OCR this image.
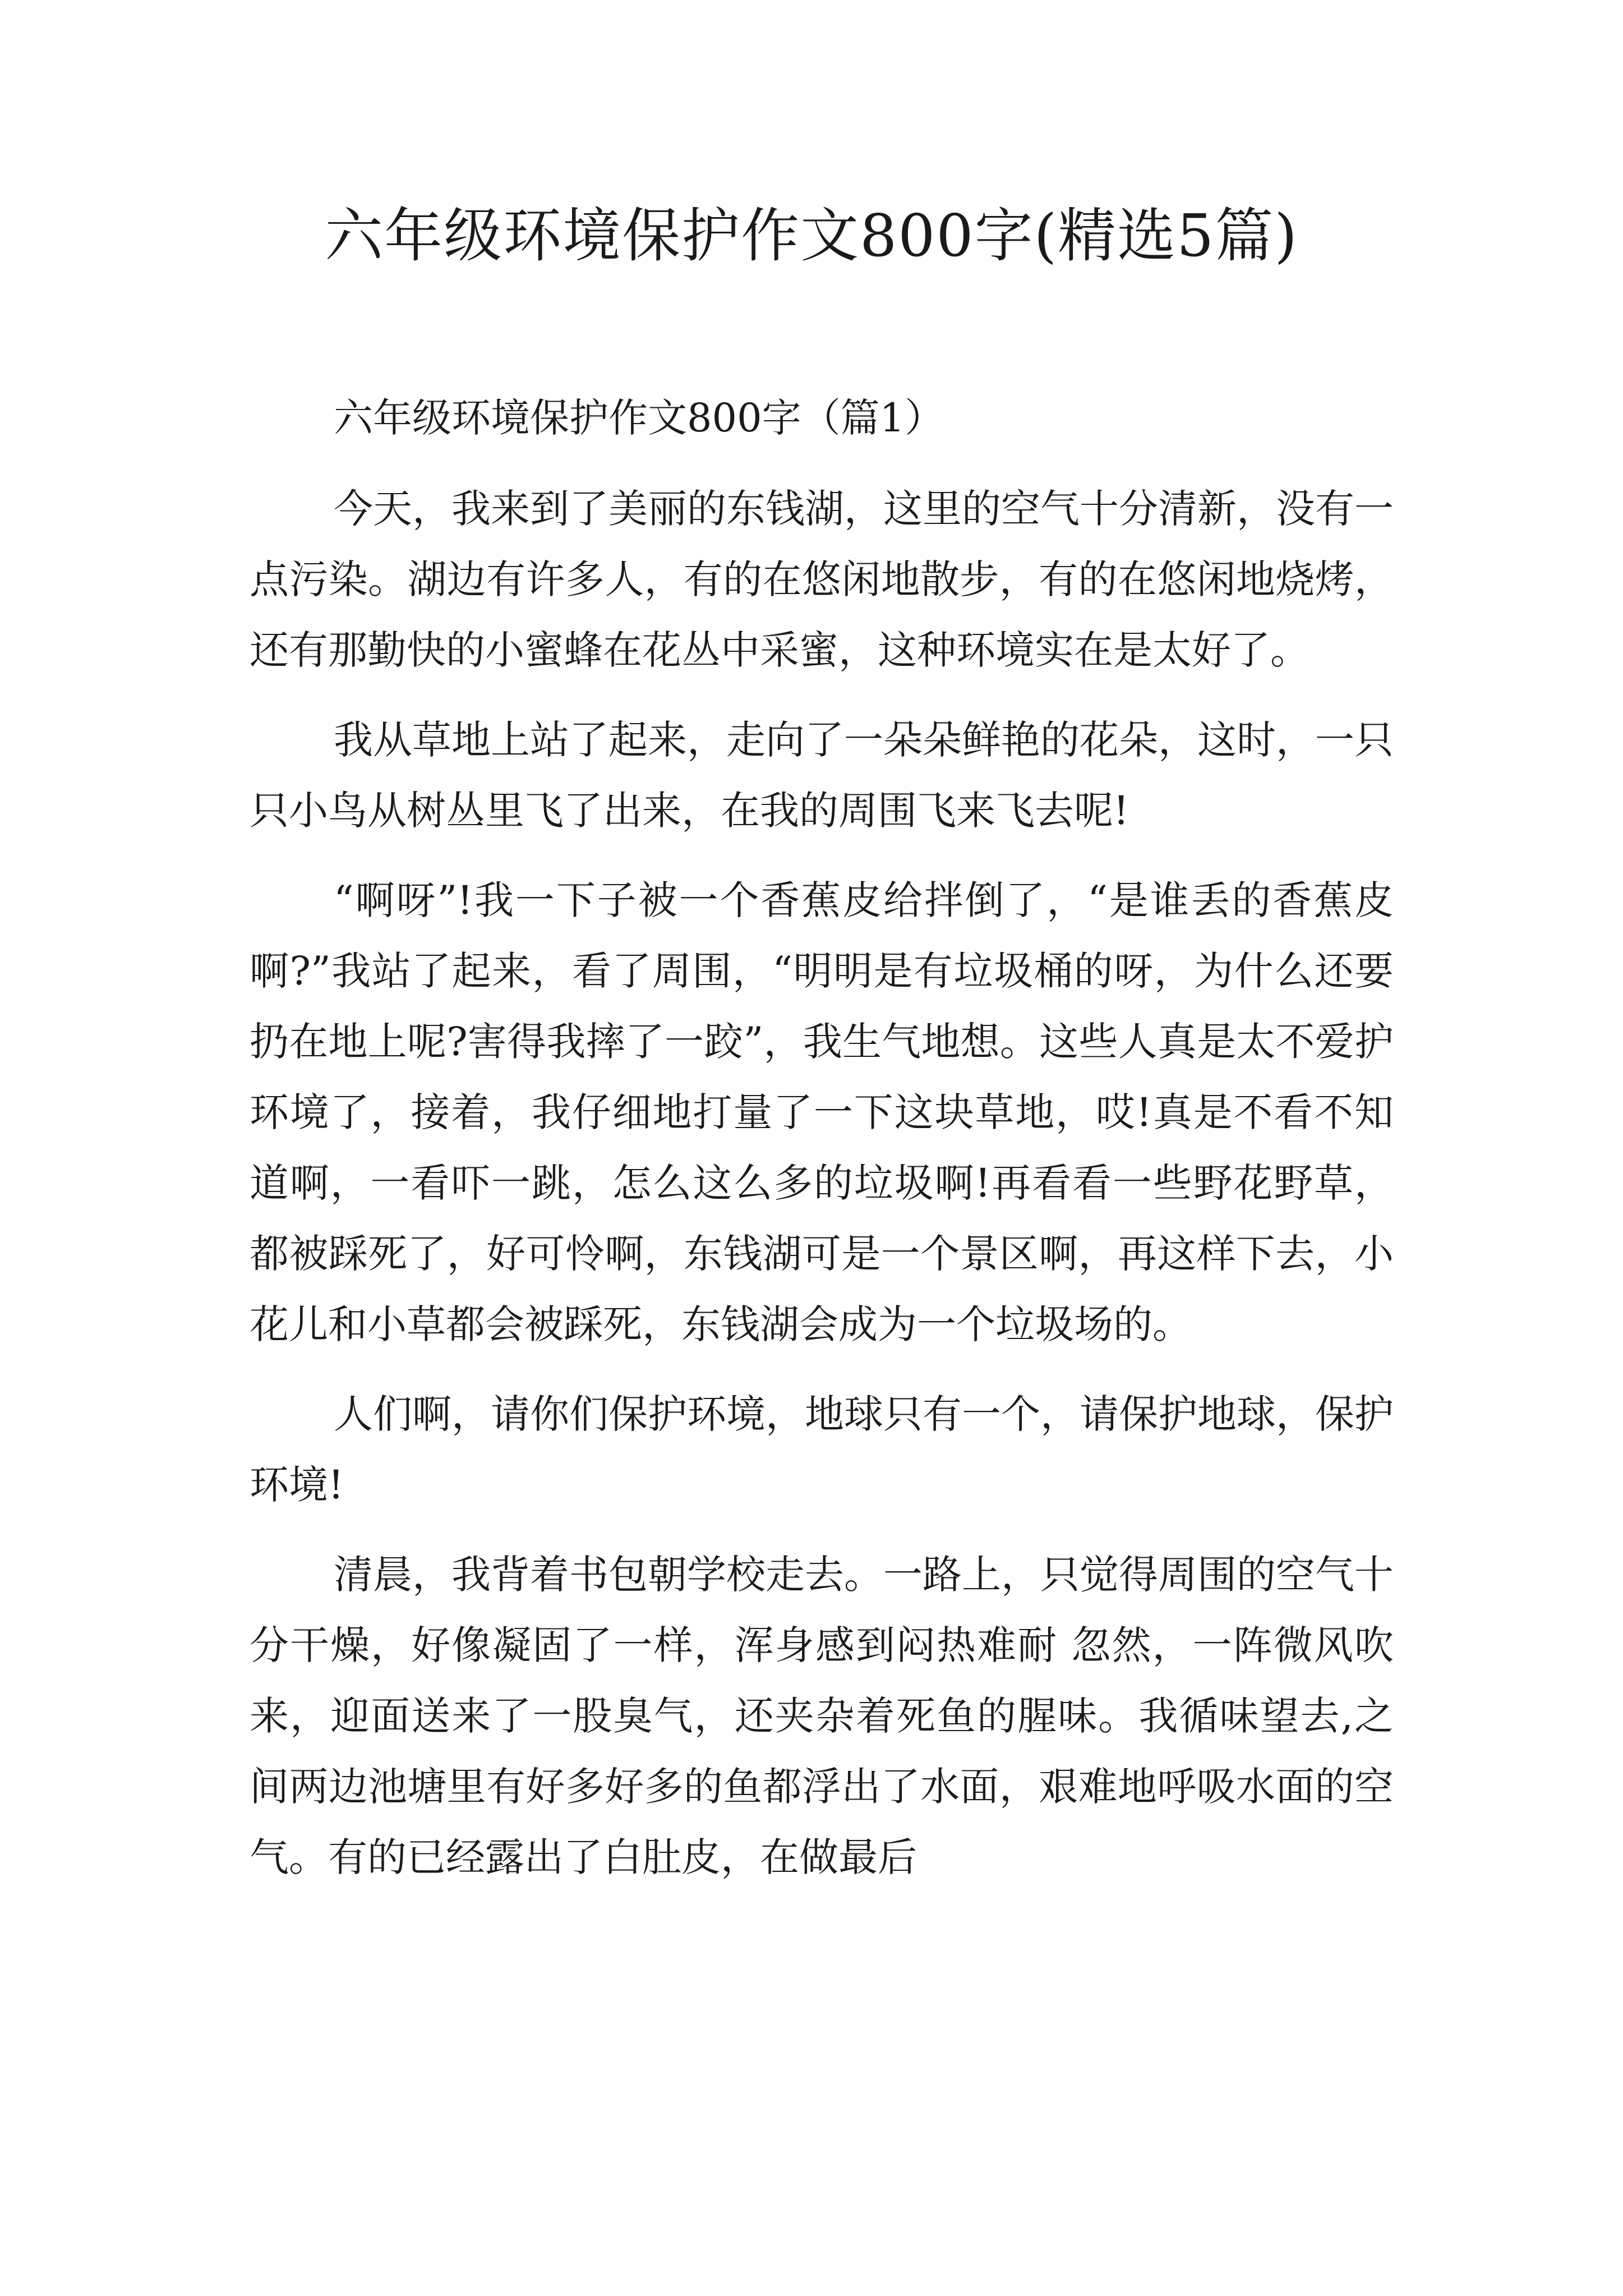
六年级环境保护作文800字(精选5篇)

六年级环境保护作文800字（篇1）

今天，我来到了美丽的东钱湖，这里的空气十分清新，没有一点污染。湖边有许多人，有的在悠闲地散步，有的在悠闲地烧烤，还有那勤快的小蜜蜂在花丛中采蜜，这种环境实在是太好了。

我从草地上站了起来，走向了一朵朵鲜艳的花朵，这时，一只只小鸟从树丛里飞了出来，在我的周围飞来飞去呢!

“啊呀”!我一下子被一个香蕉皮给拌倒了，“是谁丢的香蕉皮啊?”我站了起来，看了周围，“明明是有垃圾桶的呀，为什么还要扔在地上呢?害得我摔了一跤”，我生气地想。这些人真是太不爱护环境了，接着，我仔细地打量了一下这块草地，哎!真是不看不知道啊，一看吓一跳，怎么这么多的垃圾啊!再看看一些野花野草，都被踩死了，好可怜啊，东钱湖可是一个景区啊，再这样下去，小花儿和小草都会被踩死，东钱湖会成为一个垃圾场的。

人们啊，请你们保护环境，地球只有一个，请保护地球，保护环境!

清晨，我背着书包朝学校走去。一路上，只觉得周围的空气十分干燥，好像凝固了一样，浑身感到闷热难耐 忽然，一阵微风吹来，迎面送来了一股臭气，还夹杂着死鱼的腥味。我循味望去,之间两边池塘里有好多好多的鱼都浮出了水面，艰难地呼吸水面的空气。有的已经露出了白肚皮，在做最后
